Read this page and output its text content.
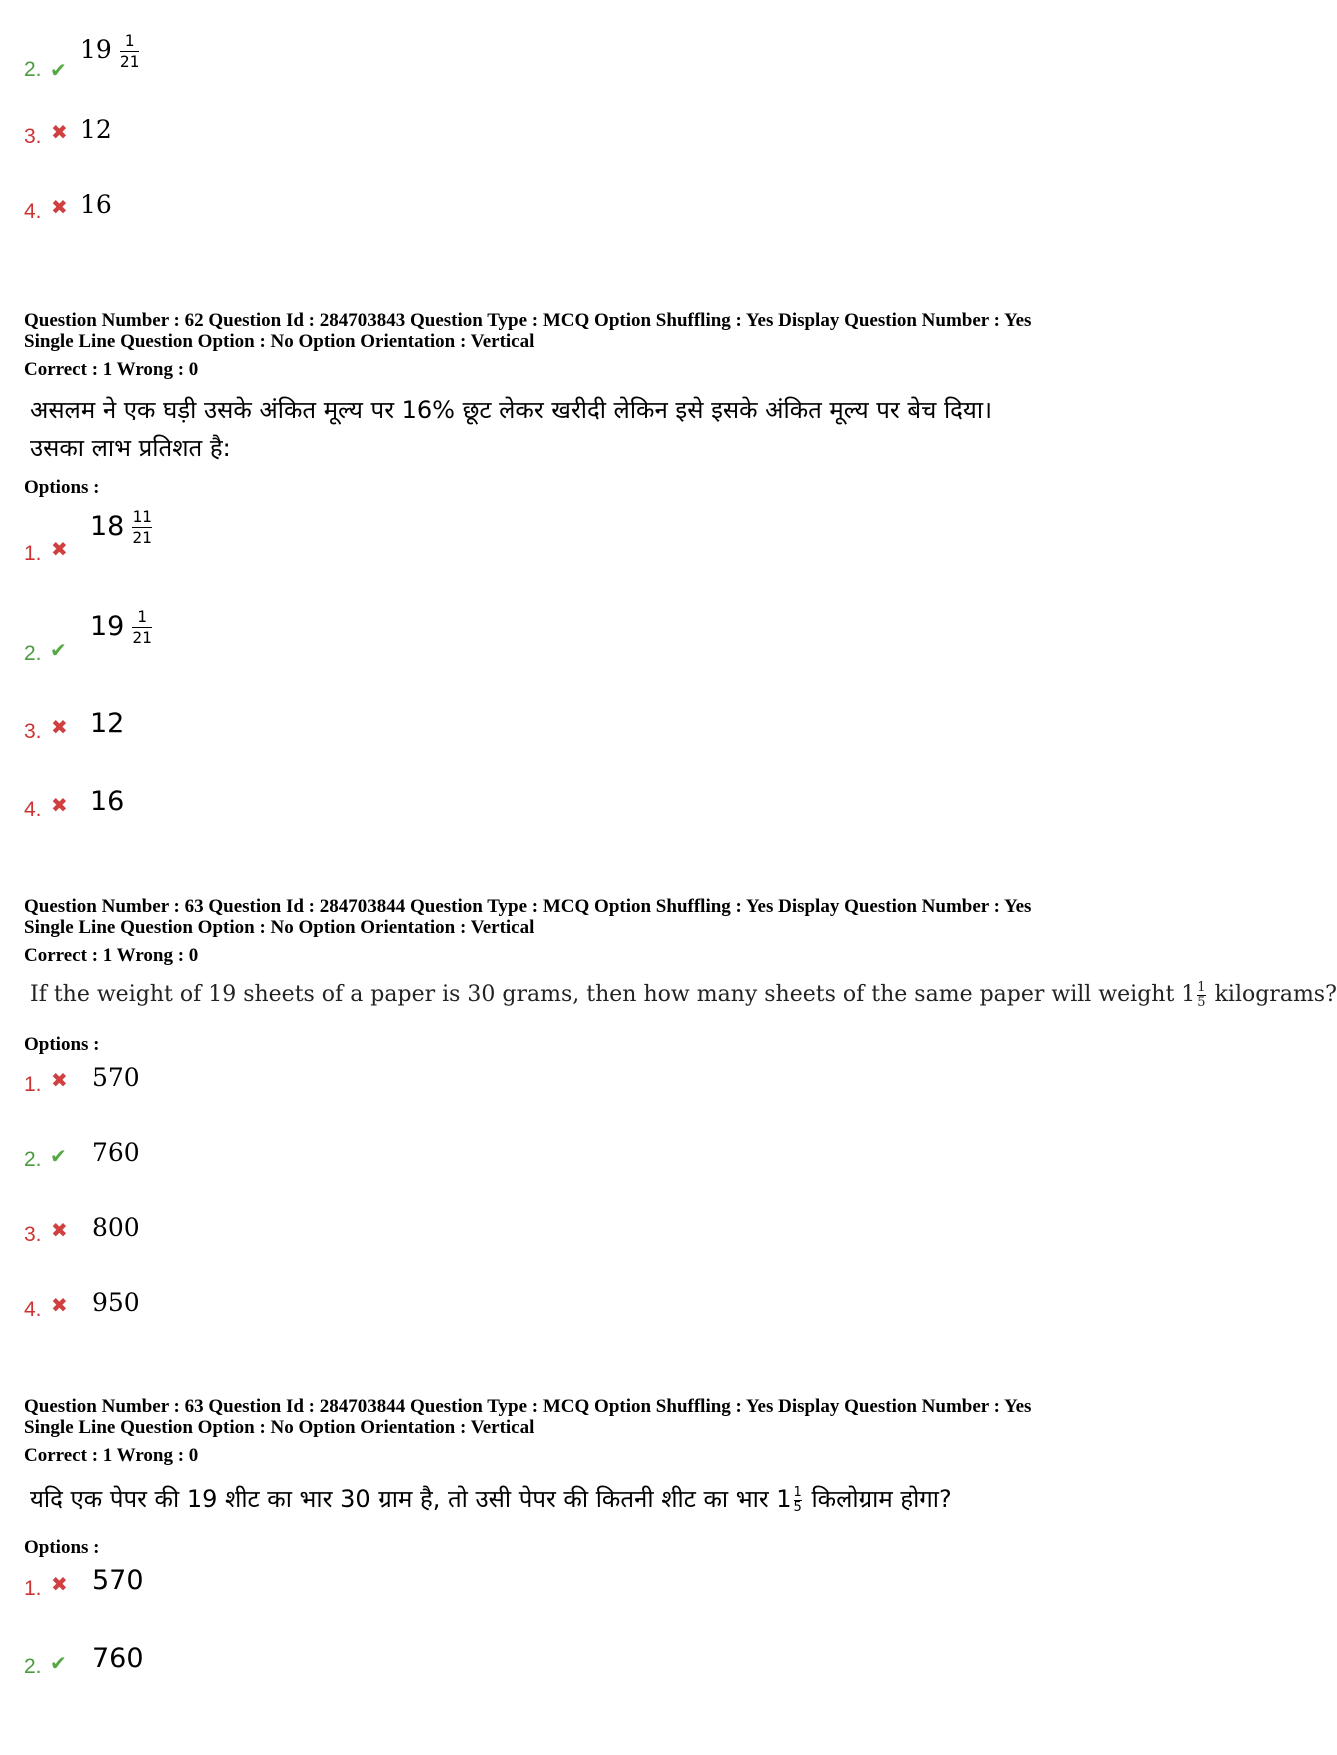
2. ✔
$19 \frac{1}{21}$
3. ✖ 12
4. ✖ 16
Question Number : 62 Question Id : 284703843 Question Type : MCQ Option Shuffling : Yes Display Question Number : Yes
Single Line Question Option : No Option Orientation : Vertical
Correct : 1 Wrong : 0
असलम ने एक घड़ी उसके अंकित मूल्य पर 16% छूट लेकर खरीदी लेकिन इसे इसके अंकित मूल्य पर बेच दिया।
उसका लाभ प्रतिशत है:
Options :
1. ✖
$18 \frac{11}{21}$
2. ✔
$19 \frac{1}{21}$
3. ✖ 12
4. ✖ 16
Question Number : 63 Question Id : 284703844 Question Type : MCQ Option Shuffling : Yes Display Question Number : Yes
Single Line Question Option : No Option Orientation : Vertical
Correct : 1 Wrong : 0
If the weight of 19 sheets of a paper is 30 grams, then how many sheets of the same paper will weight $1 \frac{1}{5}$ kilograms?
Options :
1. ✖ 570
2. ✔ 760
3. ✖ 800
4. ✖ 950
Question Number : 63 Question Id : 284703844 Question Type : MCQ Option Shuffling : Yes Display Question Number : Yes
Single Line Question Option : No Option Orientation : Vertical
Correct : 1 Wrong : 0
यदि एक पेपर की 19 शीट का भार 30 ग्राम है, तो उसी पेपर की कितनी शीट का भार $1 \frac{1}{5}$ किलोग्राम होगा?
Options :
1. ✖ 570
2. ✔ 760
